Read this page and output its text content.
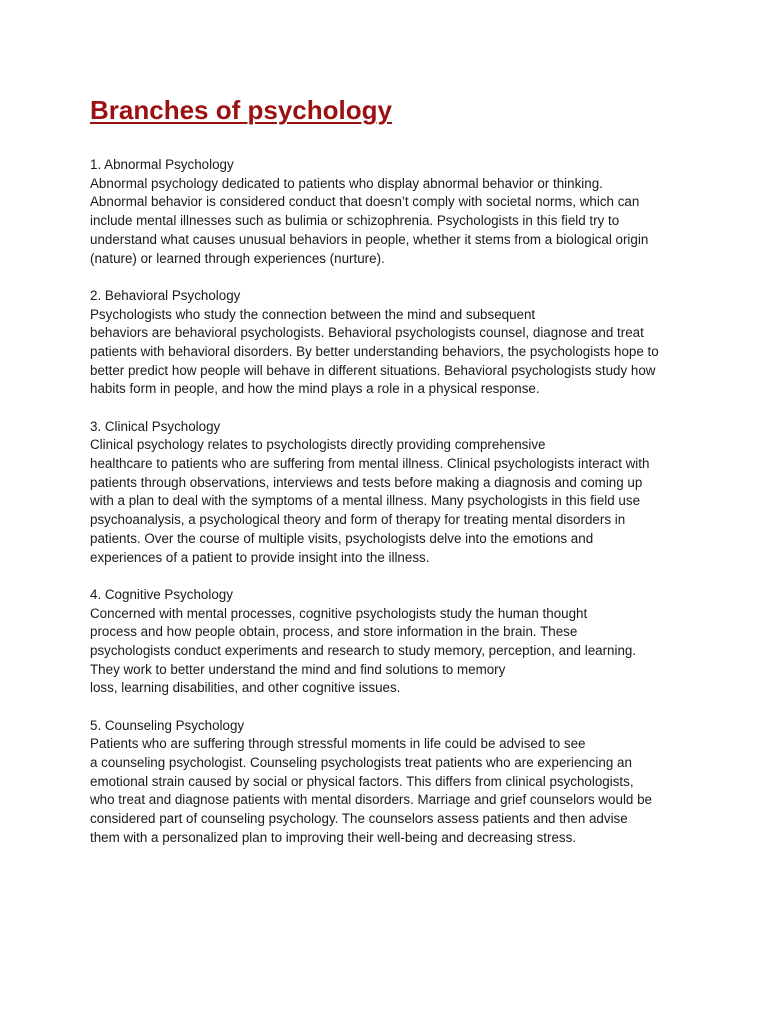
Branches of psychology

1. Abnormal Psychology

Abnormal psychology dedicated to patients who display abnormal behavior or thinking.
Abnormal behavior is considered conduct that doesn’t comply with societal norms, which can
include mental illnesses such as bulimia or schizophrenia. Psychologists in this field try to
understand what causes unusual behaviors in people, whether it stems from a biological origin
(nature) or learned through experiences (nurture).

2. Behavioral Psychology

Psychologists who study the connection between the mind and subsequent
behaviors are behavioral psychologists. Behavioral psychologists counsel, diagnose and treat
patients with behavioral disorders. By better understanding behaviors, the psychologists hope to
better predict how people will behave in different situations. Behavioral psychologists study how
habits form in people, and how the mind plays a role in a physical response.

3. Clinical Psychology

Clinical psychology relates to psychologists directly providing comprehensive
healthcare to patients who are suffering from mental illness. Clinical psychologists interact with
patients through observations, interviews and tests before making a diagnosis and coming up
with a plan to deal with the symptoms of a mental illness. Many psychologists in this field use
psychoanalysis, a psychological theory and form of therapy for treating mental disorders in
patients. Over the course of multiple visits, psychologists delve into the emotions and
experiences of a patient to provide insight into the illness.

4. Cognitive Psychology

Concerned with mental processes, cognitive psychologists study the human thought
process and how people obtain, process, and store information in the brain. These
psychologists conduct experiments and research to study memory, perception, and learning.
They work to better understand the mind and find solutions to memory
loss, learning disabilities, and other cognitive issues.

5. Counseling Psychology

Patients who are suffering through stressful moments in life could be advised to see
a counseling psychologist. Counseling psychologists treat patients who are experiencing an
emotional strain caused by social or physical factors. This differs from clinical psychologists,
who treat and diagnose patients with mental disorders. Marriage and grief counselors would be
considered part of counseling psychology. The counselors assess patients and then advise
them with a personalized plan to improving their well-being and decreasing stress.
